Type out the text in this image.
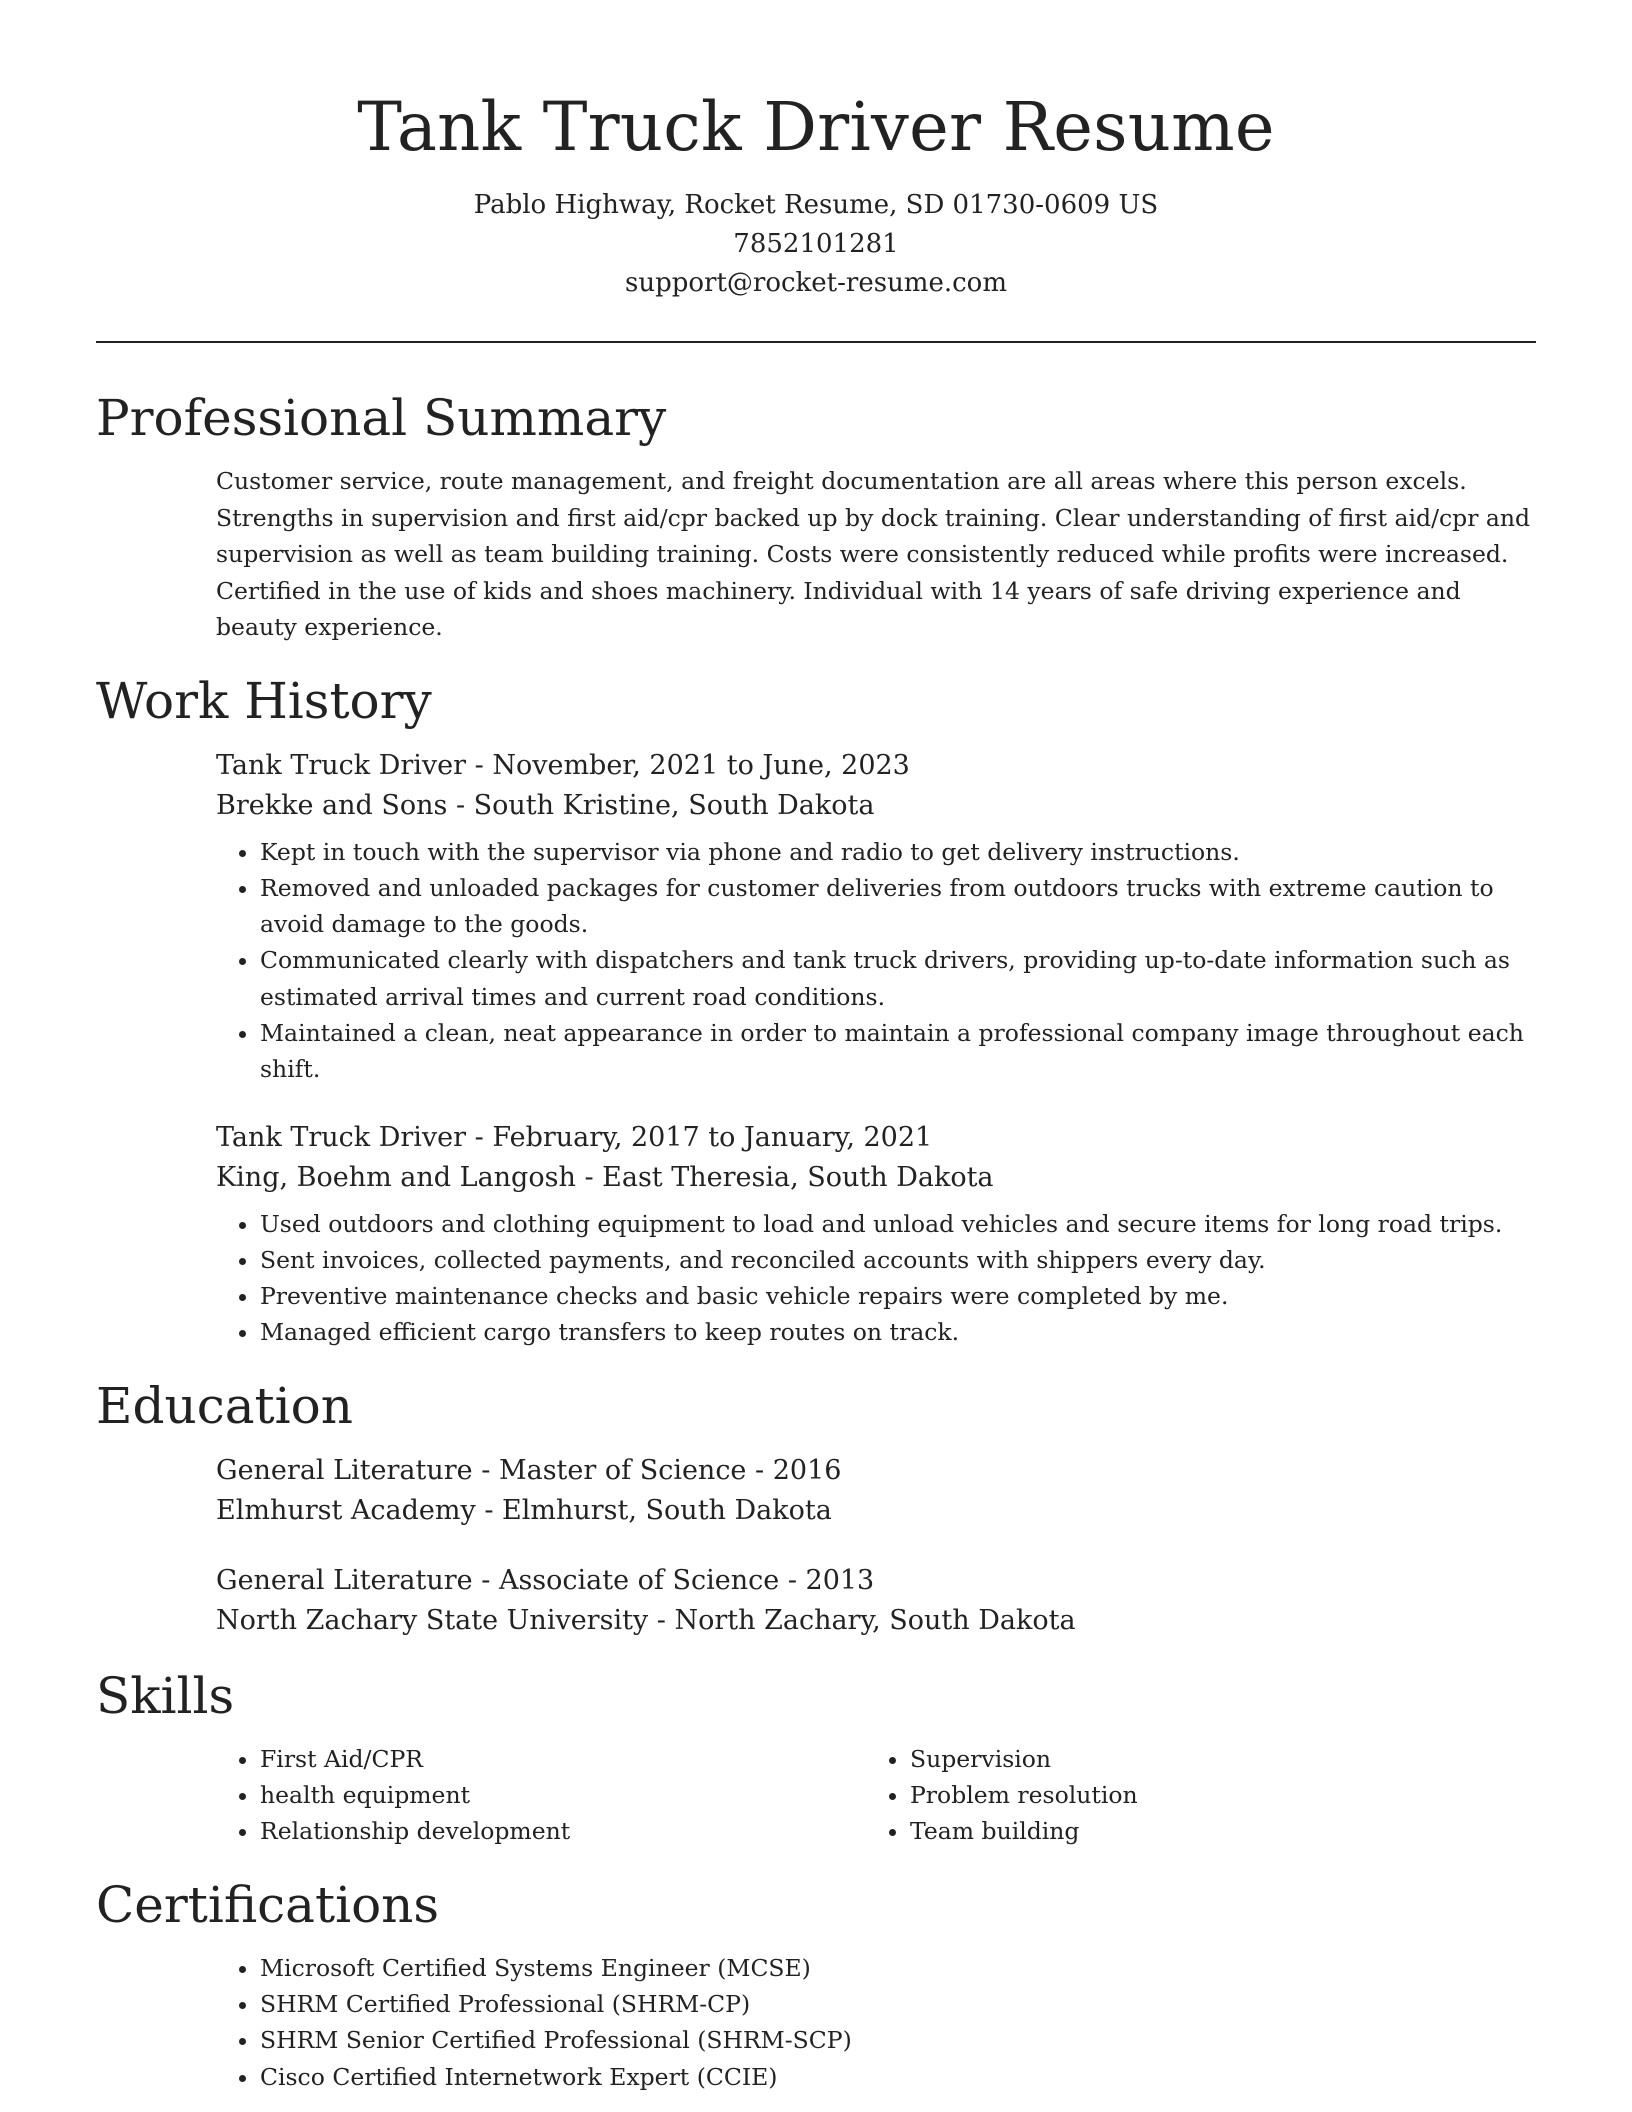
Tank Truck Driver Resume
Pablo Highway, Rocket Resume, SD 01730-0609 US
7852101281
support@rocket-resume.com
Professional Summary
Customer service, route management, and freight documentation are all areas where this person excels. Strengths in supervision and first aid/cpr backed up by dock training. Clear understanding of first aid/cpr and supervision as well as team building training. Costs were consistently reduced while profits were increased. Certified in the use of kids and shoes machinery. Individual with 14 years of safe driving experience and beauty experience.
Work History
Tank Truck Driver - November, 2021 to June, 2023
Brekke and Sons - South Kristine, South Dakota
• Kept in touch with the supervisor via phone and radio to get delivery instructions.
• Removed and unloaded packages for customer deliveries from outdoors trucks with extreme caution to avoid damage to the goods.
• Communicated clearly with dispatchers and tank truck drivers, providing up-to-date information such as estimated arrival times and current road conditions.
• Maintained a clean, neat appearance in order to maintain a professional company image throughout each shift.
Tank Truck Driver - February, 2017 to January, 2021
King, Boehm and Langosh - East Theresia, South Dakota
• Used outdoors and clothing equipment to load and unload vehicles and secure items for long road trips.
• Sent invoices, collected payments, and reconciled accounts with shippers every day.
• Preventive maintenance checks and basic vehicle repairs were completed by me.
• Managed efficient cargo transfers to keep routes on track.
Education
General Literature - Master of Science - 2016
Elmhurst Academy - Elmhurst, South Dakota
General Literature - Associate of Science - 2013
North Zachary State University - North Zachary, South Dakota
Skills
• First Aid/CPR
• health equipment
• Relationship development
• Supervision
• Problem resolution
• Team building
Certifications
• Microsoft Certified Systems Engineer (MCSE)
• SHRM Certified Professional (SHRM-CP)
• SHRM Senior Certified Professional (SHRM-SCP)
• Cisco Certified Internetwork Expert (CCIE)
